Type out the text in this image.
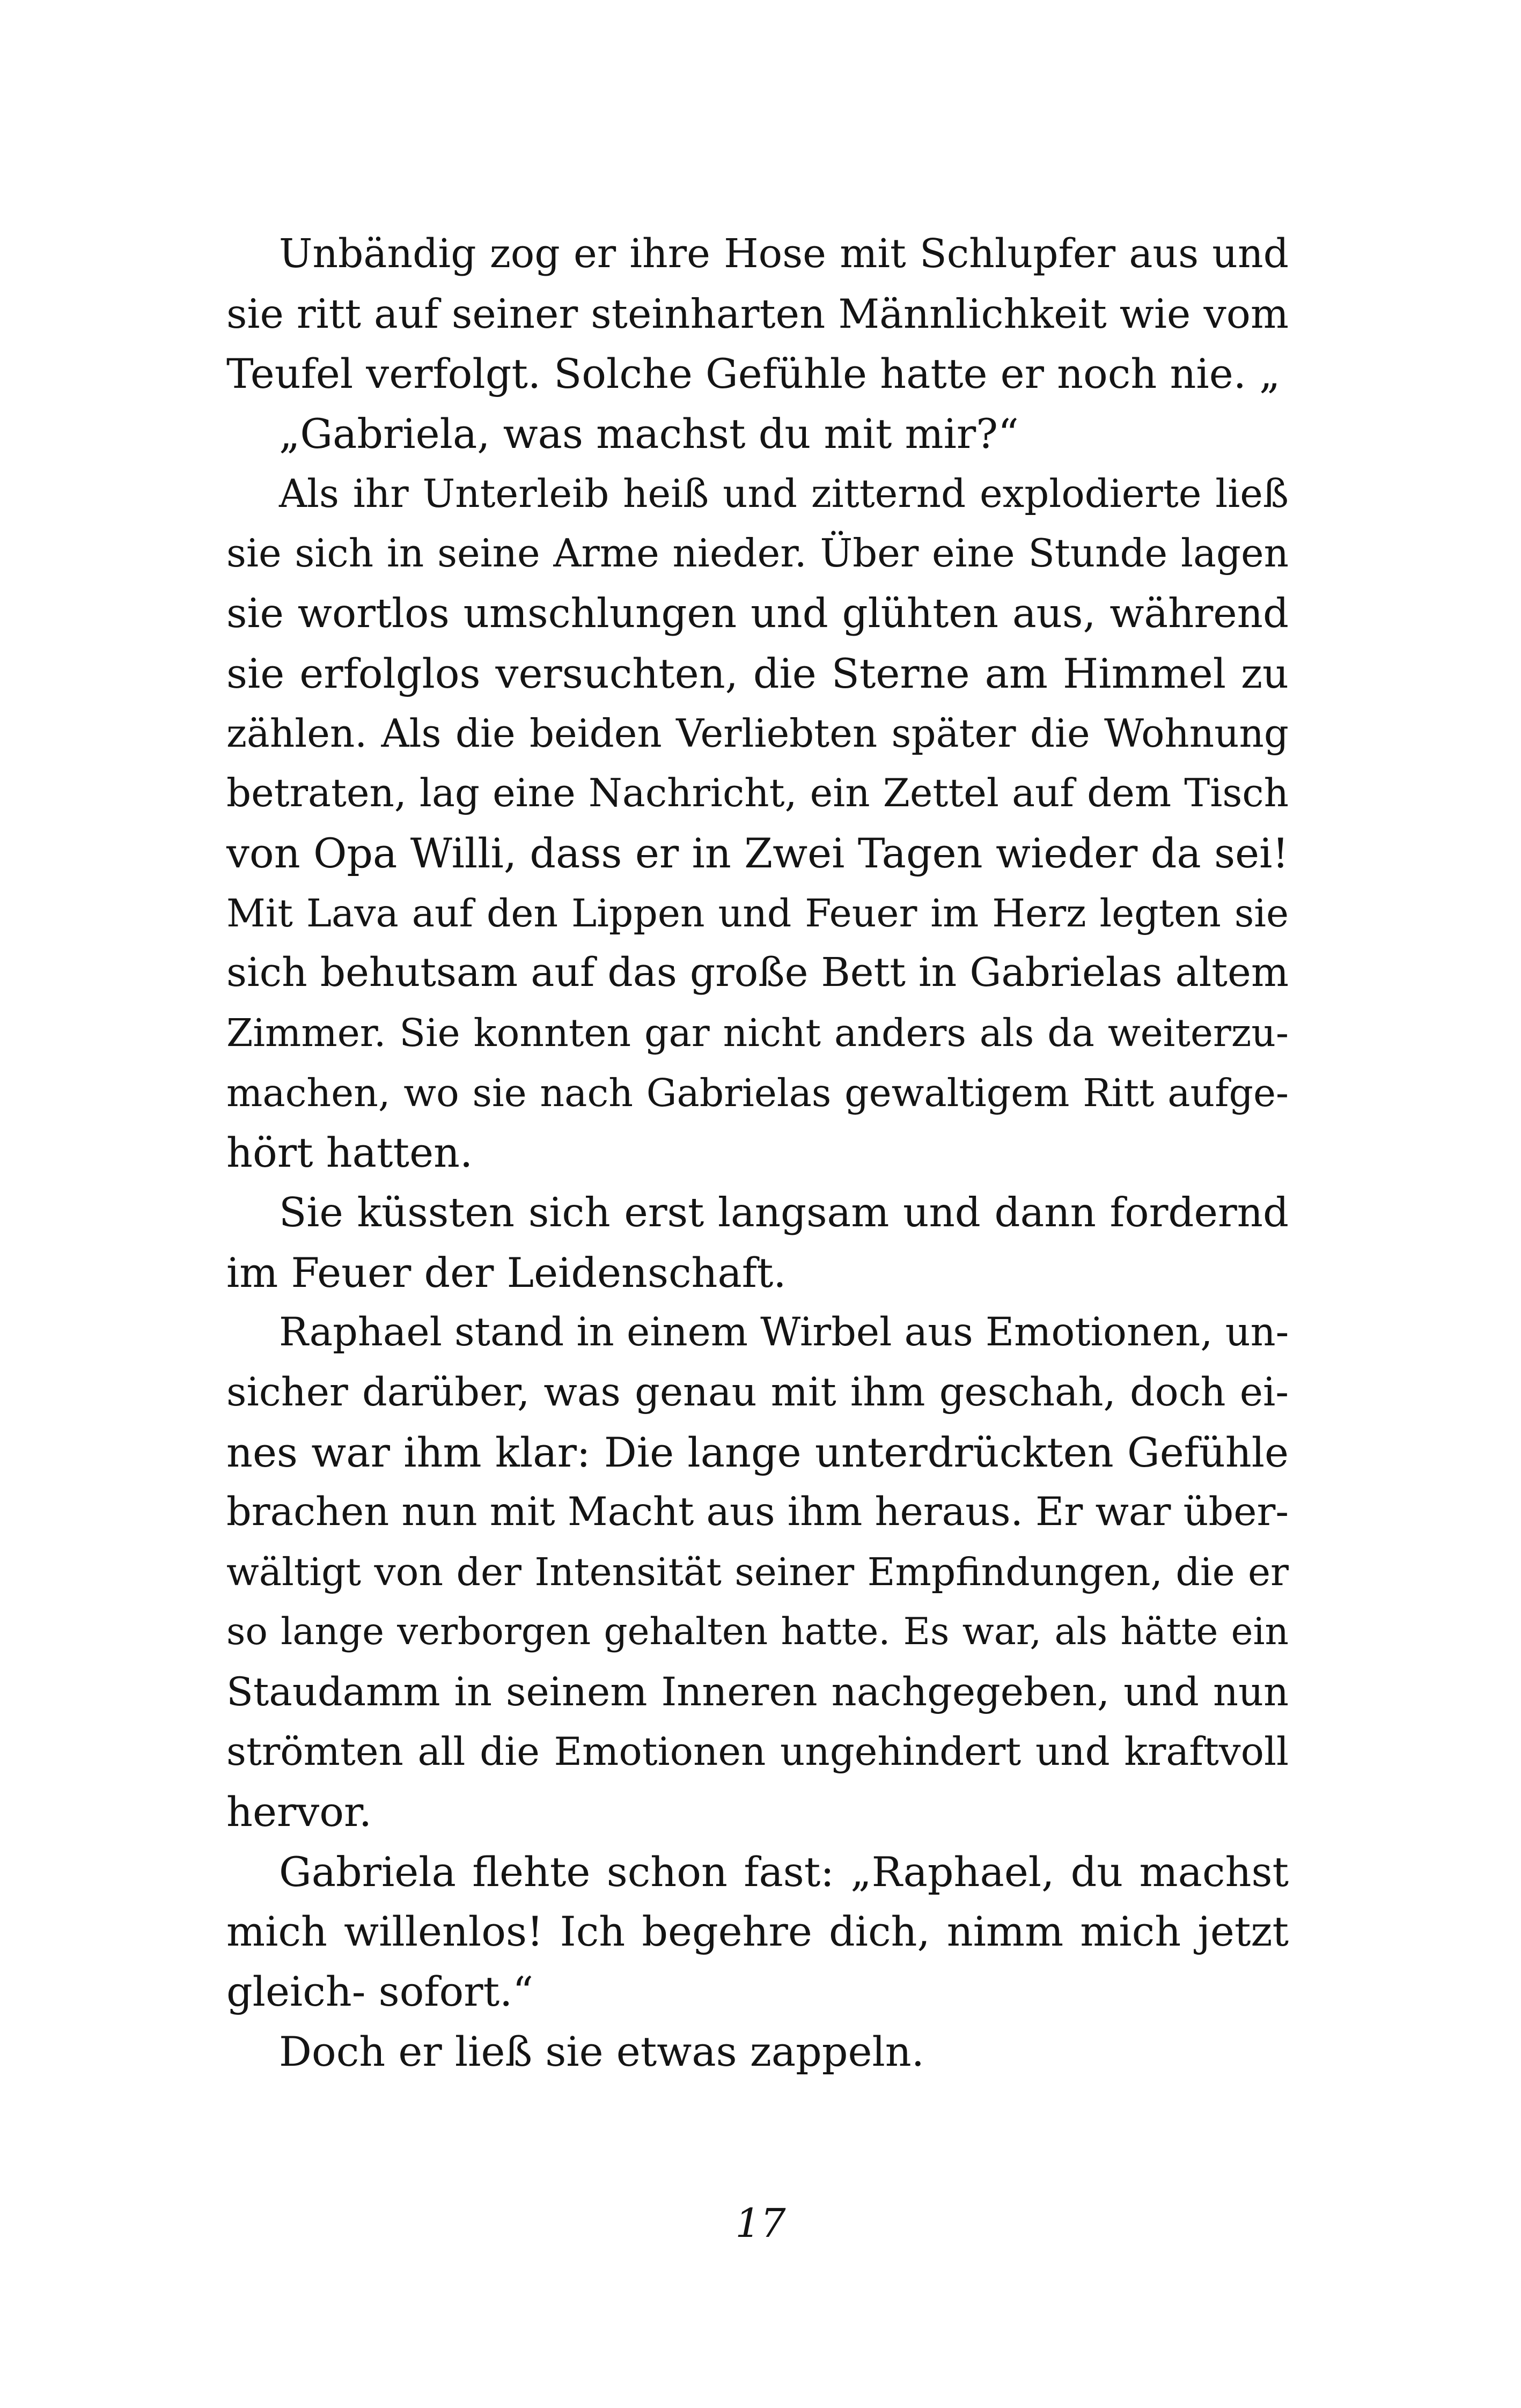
Unbändig zog er ihre Hose mit Schlupfer aus und
sie ritt auf seiner steinharten Männlichkeit wie vom
Teufel verfolgt. Solche Gefühle hatte er noch nie. „
„Gabriela, was machst du mit mir?“
Als ihr Unterleib heiß und zitternd explodierte ließ
sie sich in seine Arme nieder. Über eine Stunde lagen
sie wortlos umschlungen und glühten aus, während
sie erfolglos versuchten, die Sterne am Himmel zu
zählen. Als die beiden Verliebten später die Wohnung
betraten, lag eine Nachricht, ein Zettel auf dem Tisch
von Opa Willi, dass er in Zwei Tagen wieder da sei!
Mit Lava auf den Lippen und Feuer im Herz legten sie
sich behutsam auf das große Bett in Gabrielas altem
Zimmer. Sie konnten gar nicht anders als da weiterzu-
machen, wo sie nach Gabrielas gewaltigem Ritt aufge-
hört hatten.
Sie küssten sich erst langsam und dann fordernd
im Feuer der Leidenschaft.
Raphael stand in einem Wirbel aus Emotionen, un-
sicher darüber, was genau mit ihm geschah, doch ei-
nes war ihm klar: Die lange unterdrückten Gefühle
brachen nun mit Macht aus ihm heraus. Er war über-
wältigt von der Intensität seiner Empfindungen, die er
so lange verborgen gehalten hatte. Es war, als hätte ein
Staudamm in seinem Inneren nachgegeben, und nun
strömten all die Emotionen ungehindert und kraftvoll
hervor.
Gabriela flehte schon fast: „Raphael, du machst
mich willenlos! Ich begehre dich, nimm mich jetzt
gleich- sofort.“
Doch er ließ sie etwas zappeln.
17
